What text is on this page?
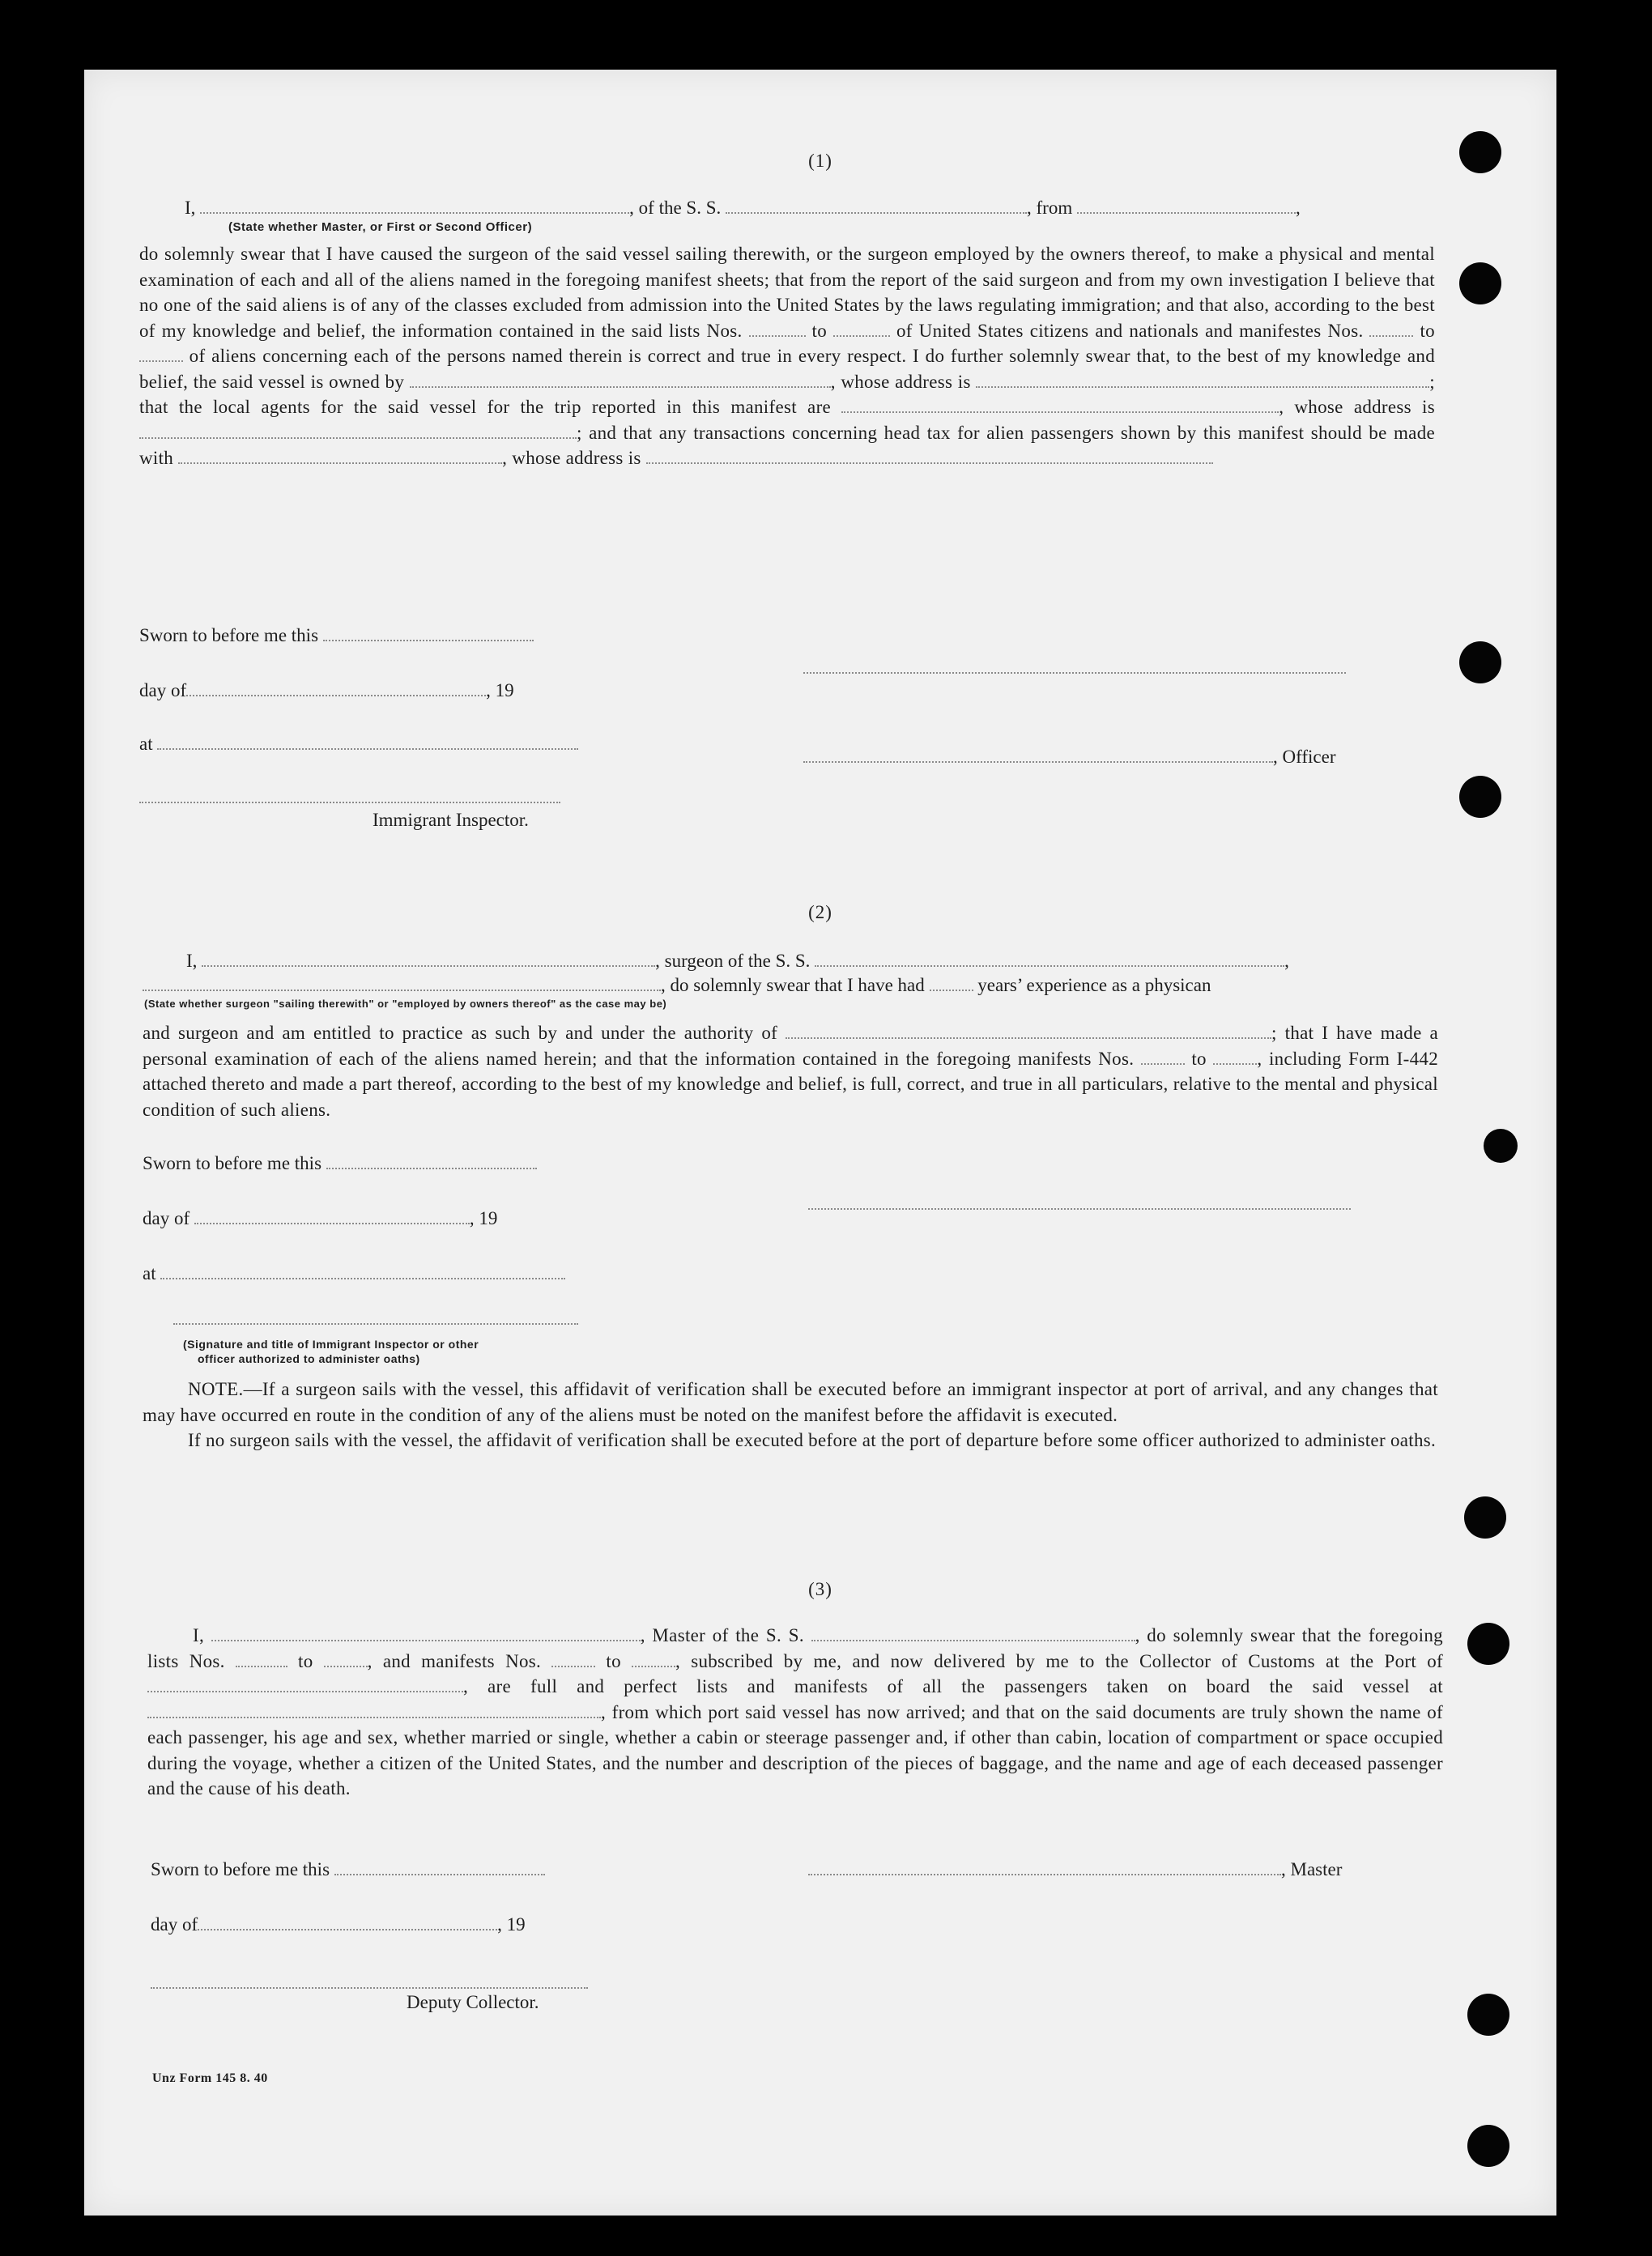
(1)
I,	, of the S. S.	, from	,
(State whether Master, or First or Second Officer)

do solemnly swear that I have caused the surgeon of the said vessel sailing therewith, or the surgeon employed by the owners thereof, to make a physical and mental examination of each and all of the aliens named in the foregoing manifest sheets; that from the report of the said surgeon and from my own investigation I believe that no one of the said aliens is of any of the classes excluded from admission into the United States by the laws regulating immigration; and that also, according to the best of my knowledge and belief, the information contained in the said lists Nos.	to	of United States citizens and nationals and manifestes Nos.	to  of aliens concerning each of the persons named therein is correct and true in every respect. I do further solemnly swear that, to the best of my knowledge and belief, the said vessel is owned by	, whose address is	; that the local agents for the said vessel for the trip reported in this manifest are	, whose address is ; and that any transactions concerning head tax for alien passengers shown by this manifest should be made with	, whose address is

Sworn to before me this
day of	, 19
at
, Officer
Immigrant Inspector.
(2)
I,	, surgeon of the S. S.	,
, do solemnly swear that I have had	years’ experience as a physican
(State whether surgeon "sailing therewith" or "employed by owners thereof" as the case may be)

and surgeon and am entitled to practice as such by and under the authority of	; that I have made a personal examination of each of the aliens named herein; and that the information contained in the foregoing manifests Nos.	to	, including Form I-442 attached thereto and made a part thereof, according to the best of my knowledge and belief, is full, correct, and true in all particulars, relative to the mental and physical condition of such aliens.

Sworn to before me this
day of	, 19
at
(Signature and title of Immigrant Inspector or other
officer authorized to administer oaths)

NOTE.—If a surgeon sails with the vessel, this affidavit of verification shall be executed before an immigrant inspector at port of arrival, and any changes that may have occurred en route in the condition of any of the aliens must be noted on the manifest before the affidavit is executed.

If no surgeon sails with the vessel, the affidavit of verification shall be executed before at the port of departure before some officer authorized to administer oaths.

(3)

I,	, Master of the S. S.	, do solemnly swear that the foregoing lists Nos.	to	, and manifests Nos.	to	, subscribed by me, and now delivered by me to the Collector of Customs at the Port of , are full and perfect lists and manifests of all the passengers taken on board the said vessel at , from which port said vessel has now arrived; and that on the said documents are truly shown the name of each passenger, his age and sex, whether married or single, whether a cabin or steerage passenger and, if other than cabin, location of compartment or space occupied during the voyage, whether a citizen of the United States, and the number and description of the pieces of baggage, and the name and age of each deceased passenger and the cause of his death.

Sworn to before me this	, Master
day of	, 19
Deputy Collector.
Unz Form 145 8. 40
